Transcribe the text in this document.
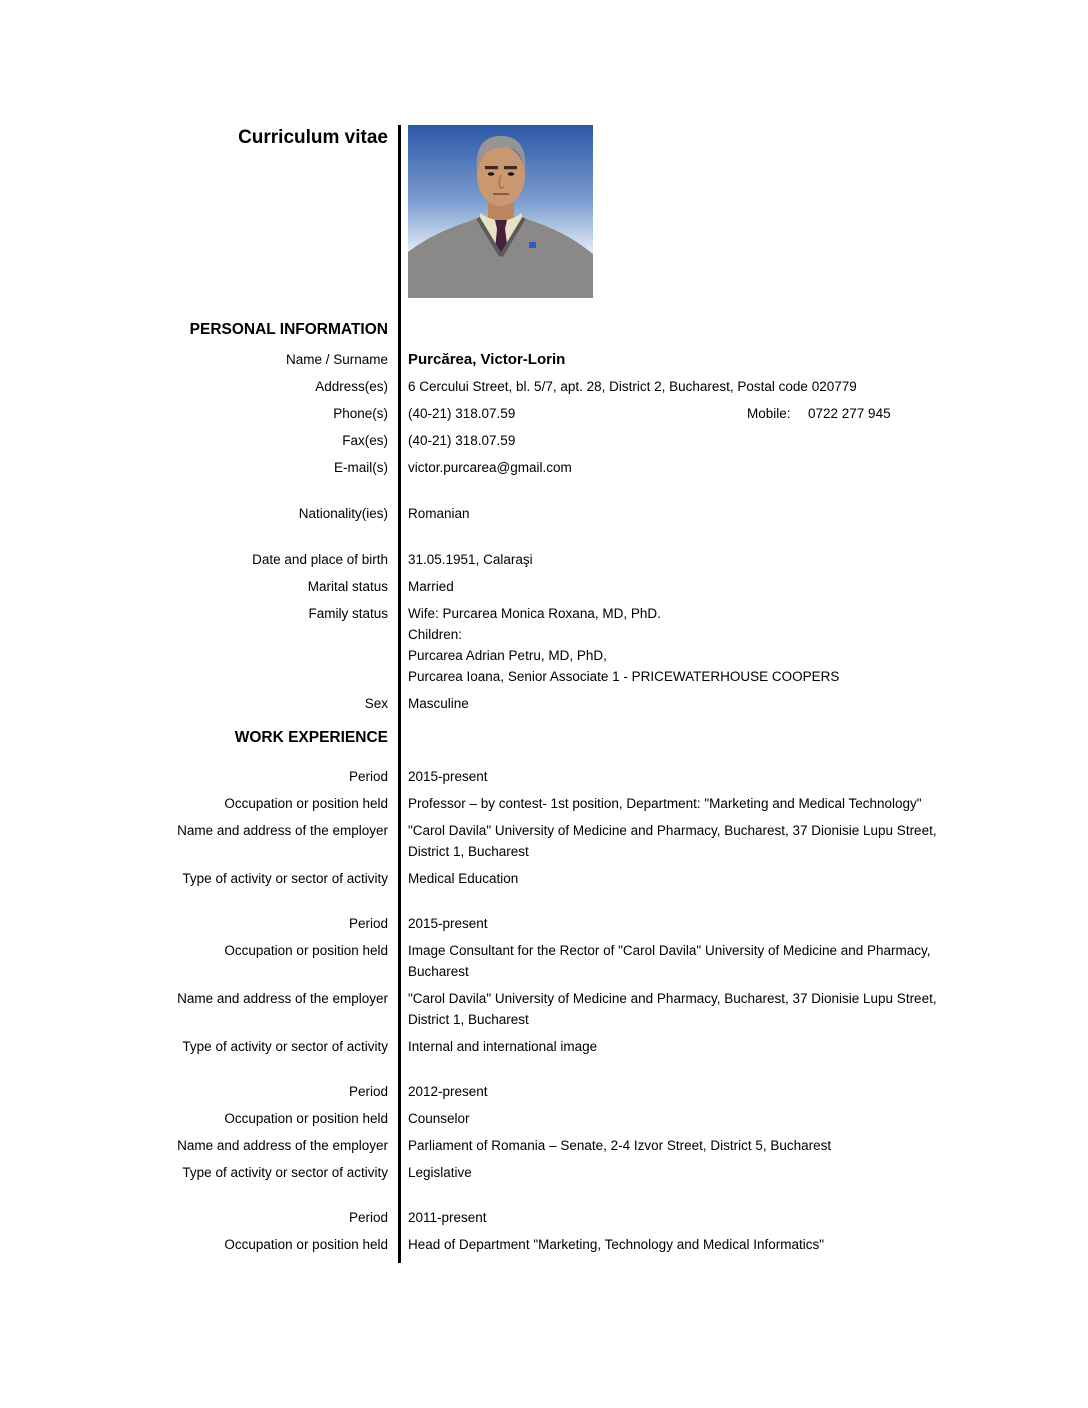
Curriculum vitae
PERSONAL INFORMATION
Name / Surname Purcărea, Victor-Lorin
Address(es) 6 Cercului Street, bl. 5/7, apt. 28, District 2, Bucharest, Postal code 020779
Phone(s) (40-21) 318.07.59	Mobile: 0722 277 945
Fax(es) (40-21) 318.07.59
E-mail(s) victor.purcarea@gmail.com
Nationality(ies) Romanian
Date and place of birth 31.05.1951, Calaraşi
Marital status Married
Family status Wife: Purcarea Monica Roxana, MD, PhD.
Children:
Purcarea Adrian Petru, MD, PhD,
Purcarea Ioana, Senior Associate 1 - PRICEWATERHOUSE COOPERS
Sex Masculine
WORK EXPERIENCE
Period 2015-present
Occupation or position held Professor – by contest- 1st position, Department: "Marketing and Medical Technology"
Name and address of the employer "Carol Davila" University of Medicine and Pharmacy, Bucharest, 37 Dionisie Lupu Street, District 1, Bucharest
Type of activity or sector of activity Medical Education
Period 2015-present
Occupation or position held Image Consultant for the Rector of "Carol Davila" University of Medicine and Pharmacy, Bucharest
Name and address of the employer "Carol Davila" University of Medicine and Pharmacy, Bucharest, 37 Dionisie Lupu Street, District 1, Bucharest
Type of activity or sector of activity Internal and international image
Period 2012-present
Occupation or position held Counselor
Name and address of the employer Parliament of Romania – Senate, 2-4 Izvor Street, District 5, Bucharest
Type of activity or sector of activity Legislative
Period 2011-present
Occupation or position held Head of Department "Marketing, Technology and Medical Informatics"
